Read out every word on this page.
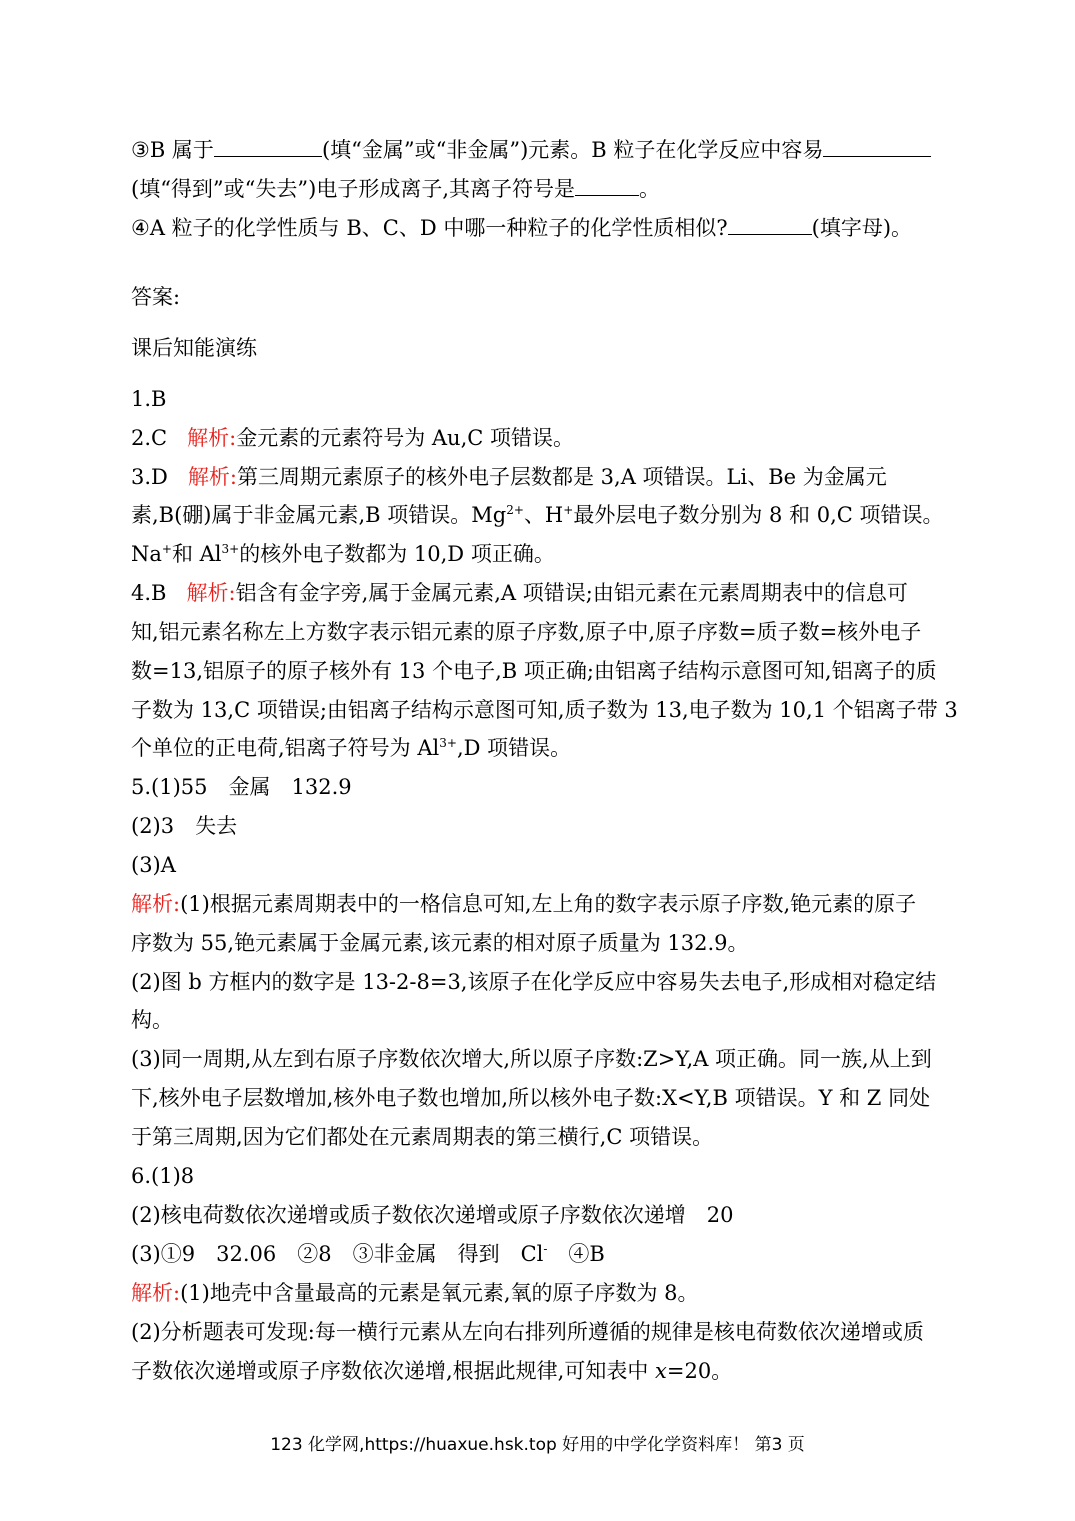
③B 属于	(填“金属”或“非金属”)元素。B 粒子在化学反应中容易
(填“得到”或“失去”)电子形成离子,其离子符号是	。
④A 粒子的化学性质与 B、C、D 中哪一种粒子的化学性质相似?	(填字母)。
答案:
课后知能演练
1.B
2.C 解析:金元素的元素符号为 Au,C 项错误。
3.D 解析:第三周期元素原子的核外电子层数都是 3,A 项错误。Li、Be 为金属元
素,B(硼)属于非金属元素,B 项错误。$Mg^{2+}$、H+最外层电子数分别为 8 和 0,C 项错误。
Na+和 $Al^{3+}$的核外电子数都为 10,D 项正确。
4.B 解析:铝含有金字旁,属于金属元素,A 项错误;由铝元素在元素周期表中的信息可
知,铝元素名称左上方数字表示铝元素的原子序数,原子中,原子序数=质子数=核外电子
数=13,铝原子的原子核外有 13 个电子,B 项正确;由铝离子结构示意图可知,铝离子的质
子数为 13,C 项错误;由铝离子结构示意图可知,质子数为 13,电子数为 10,1 个铝离子带 3
个单位的正电荷,铝离子符号为 $Al^{3+},D$ 项错误。
5.(1)55　金属　132.9
(2)3　失去
(3)A
解析:(1)根据元素周期表中的一格信息可知,左上角的数字表示原子序数,铯元素的原子
序数为 55,铯元素属于金属元素,该元素的相对原子质量为 132.9。
(2)图 b 方框内的数字是 13-2-8=3,该原子在化学反应中容易失去电子,形成相对稳定结
构。
(3)同一周期,从左到右原子序数依次增大,所以原子序数:Z>Y,A 项正确。同一族,从上到
下,核外电子层数增加,核外电子数也增加,所以核外电子数:X<Y,B 项错误。Y 和 Z 同处
于第三周期,因为它们都处在元素周期表的第三横行,C 项错误。
6.(1)8
(2)核电荷数依次递增或质子数依次递增或原子序数依次递增　20
(3)①9　32.06　②8　③非金属　得到　Cl-　④B
解析:(1)地壳中含量最高的元素是氧元素,氧的原子序数为 8。
(2)分析题表可发现:每一横行元素从左向右排列所遵循的规律是核电荷数依次递增或质
子数依次递增或原子序数依次递增,根据此规律,可知表中 x=20。
123 化学网,https://huaxue.hsk.top 好用的中学化学资料库！ 第3 页
